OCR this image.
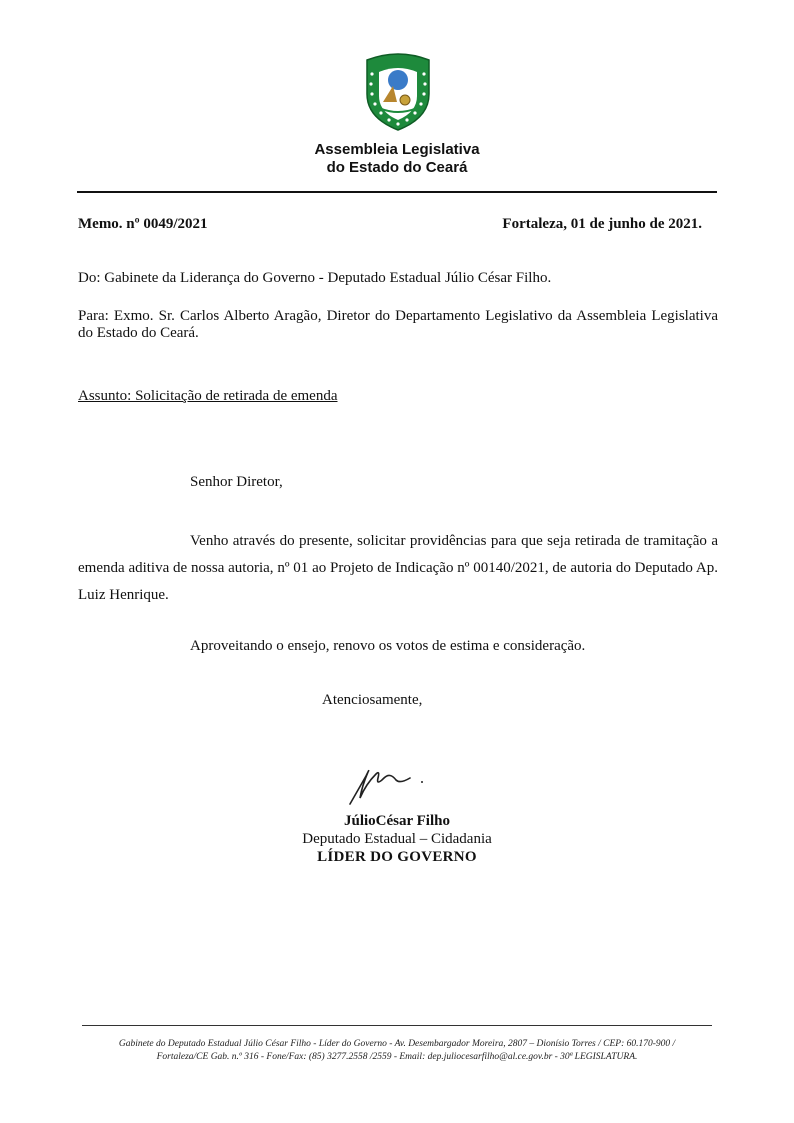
Assembleia Legislativa
do Estado do Ceará
Memo. nº 0049/2021	Fortaleza, 01 de junho de 2021.
Do: Gabinete da Liderança do Governo - Deputado Estadual Júlio César Filho.
Para: Exmo. Sr. Carlos Alberto Aragão, Diretor do Departamento Legislativo da Assembleia Legislativa do Estado do Ceará.
Assunto: Solicitação de retirada de emenda
Senhor Diretor,
Venho através do presente, solicitar providências para que seja retirada de tramitação a emenda aditiva de nossa autoria, nº 01 ao Projeto de Indicação nº 00140/2021, de autoria do Deputado Ap. Luiz Henrique.
Aproveitando o ensejo, renovo os votos de estima e consideração.
Atenciosamente,
JúlioCésar Filho
Deputado Estadual – Cidadania
LÍDER DO GOVERNO
Gabinete do Deputado Estadual Júlio César Filho - Líder do Governo - Av. Desembargador Moreira, 2807 – Dionísio Torres / CEP: 60.170-900 /
Fortaleza/CE Gab. n.º 316 - Fone/Fax: (85) 3277.2558 /2559 - Email: dep.juliocesarfilho@al.ce.gov.br - 30ª LEGISLATURA.
